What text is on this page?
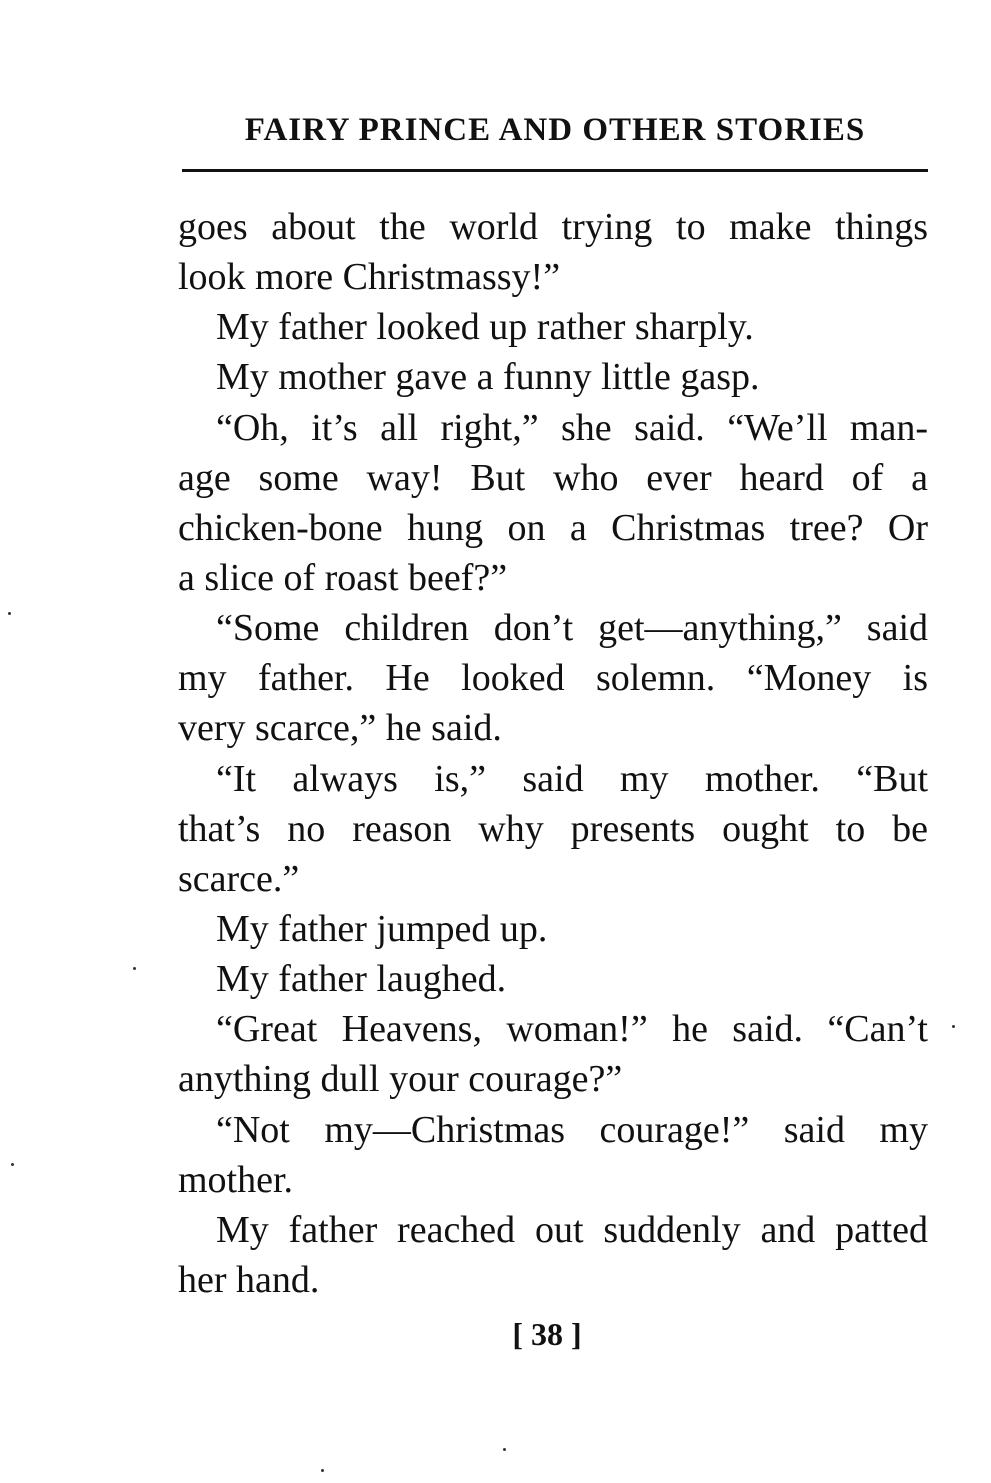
FAIRY PRINCE AND OTHER STORIES
goes about the world trying to make things
look more Christmassy!”
My father looked up rather sharply.
My mother gave a funny little gasp.
“Oh, it’s all right,” she said. “We’ll man-
age some way! But who ever heard of a
chicken-bone hung on a Christmas tree? Or
a slice of roast beef?”
“Some children don’t get—anything,” said
my father. He looked solemn. “Money is
very scarce,” he said.
“It always is,” said my mother. “But
that’s no reason why presents ought to be
scarce.”
My father jumped up.
My father laughed.
“Great Heavens, woman!” he said. “Can’t
anything dull your courage?”
“Not my—Christmas courage!” said my
mother.
My father reached out suddenly and patted
her hand.
[ 38 ]
